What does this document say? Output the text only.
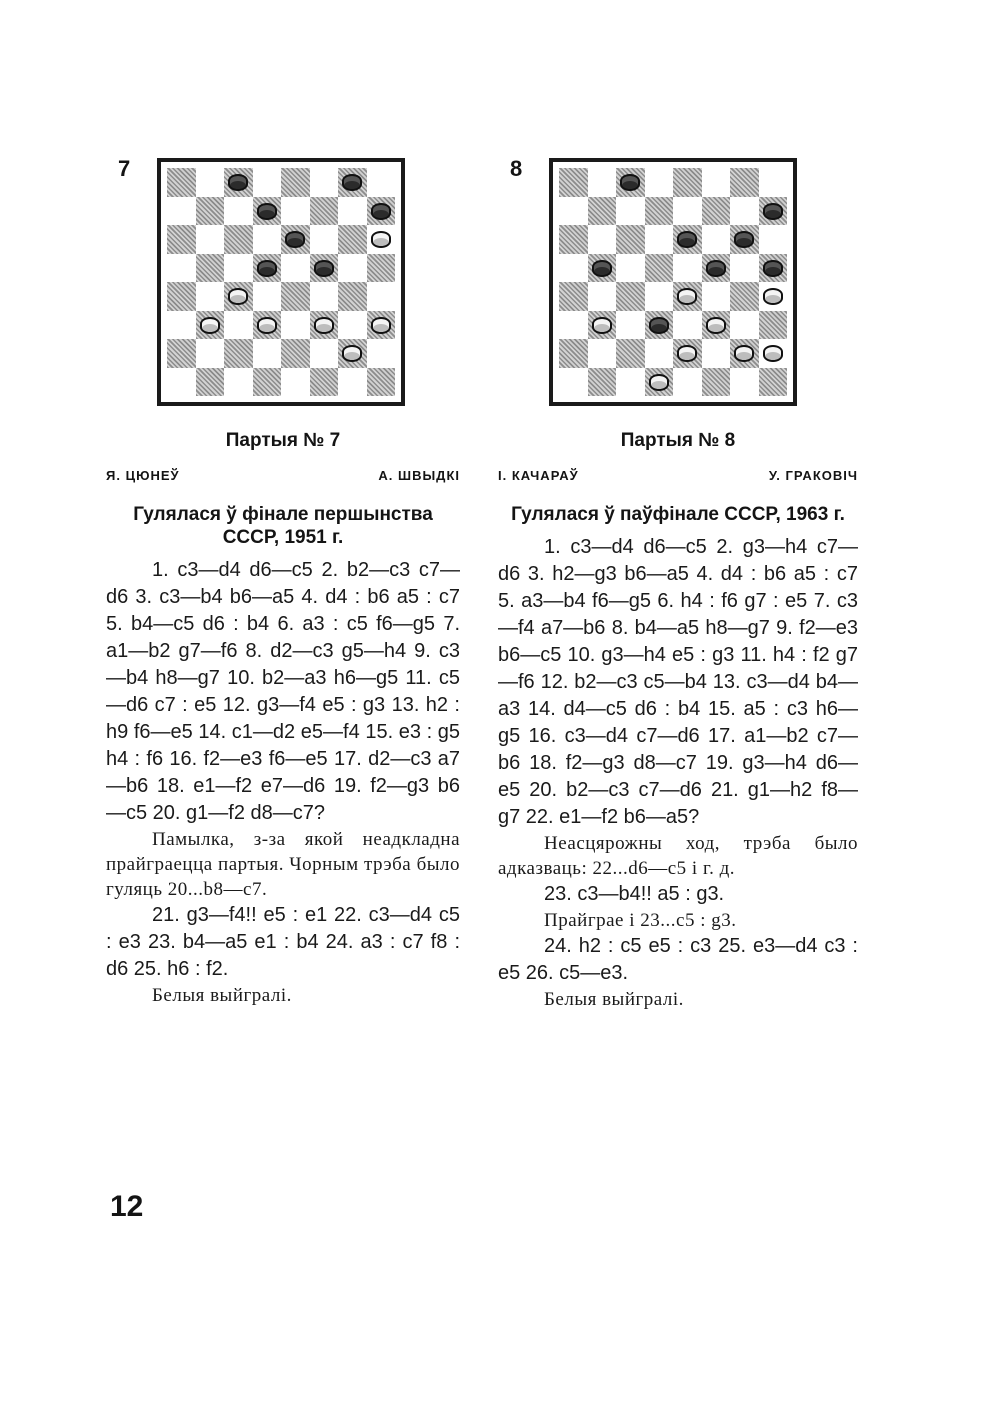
7	8
Партыя № 7
Я. ЦЮНЕЎ	А. ШВЫДКІ
Гулялася ў фінале першынства СССР, 1951 г.

1. c3—d4 d6—c5 2. b2—c3 c7—d6 3. c3—b4 b6—a5 4. d4 : b6 a5 : c7 5. b4—c5 d6 : b4 6. a3 : c5 f6—g5 7. a1—b2 g7—f6 8. d2—c3 g5—h4 9. c3—b4 h8—g7 10. b2—a3 h6—g5 11. c5—d6 c7 : e5 12. g3—f4 e5 : g3 13. h2 : h9 f6—e5 14. c1—d2 e5—f4 15. e3 : g5 h4 : f6 16. f2—e3 f6—e5 17. d2—c3 a7—b6 18. e1—f2 e7—d6 19. f2—g3 b6—c5 20. g1—f2 d8—c7?

Памылка, з-за якой неадкладна прайграецца партыя. Чорным трэба было гуляць 20...b8—c7.

21. g3—f4!! e5 : e1 22. c3—d4 c5 : e3 23. b4—a5 e1 : b4 24. a3 : c7 f8 : d6 25. h6 : f2.

Белыя выйгралі.

Партыя № 8
І. КАЧАРАЎ	У. ГРАКОВІЧ
Гулялася ў паўфінале СССР, 1963 г.

1. c3—d4 d6—c5 2. g3—h4 c7—d6 3. h2—g3 b6—a5 4. d4 : b6 a5 : c7 5. a3—b4 f6—g5 6. h4 : f6 g7 : e5 7. c3—f4 a7—b6 8. b4—a5 h8—g7 9. f2—e3 b6—c5 10. g3—h4 e5 : g3 11. h4 : f2 g7—f6 12. b2—c3 c5—b4 13. c3—d4 b4—a3 14. d4—c5 d6 : b4 15. a5 : c3 h6—g5 16. c3—d4 c7—d6 17. a1—b2 c7—b6 18. f2—g3 d8—c7 19. g3—h4 d6—e5 20. b2—c3 c7—d6 21. g1—h2 f8—g7 22. e1—f2 b6—a5?

Неасцярожны ход, трэба было адказваць: 22...d6—c5 і г. д.

23. c3—b4!! a5 : g3.

Прайграе і 23...c5 : g3.

24. h2 : c5 e5 : c3 25. e3—d4 c3 : e5 26. c5—e3.

Белыя выйгралі.

12
